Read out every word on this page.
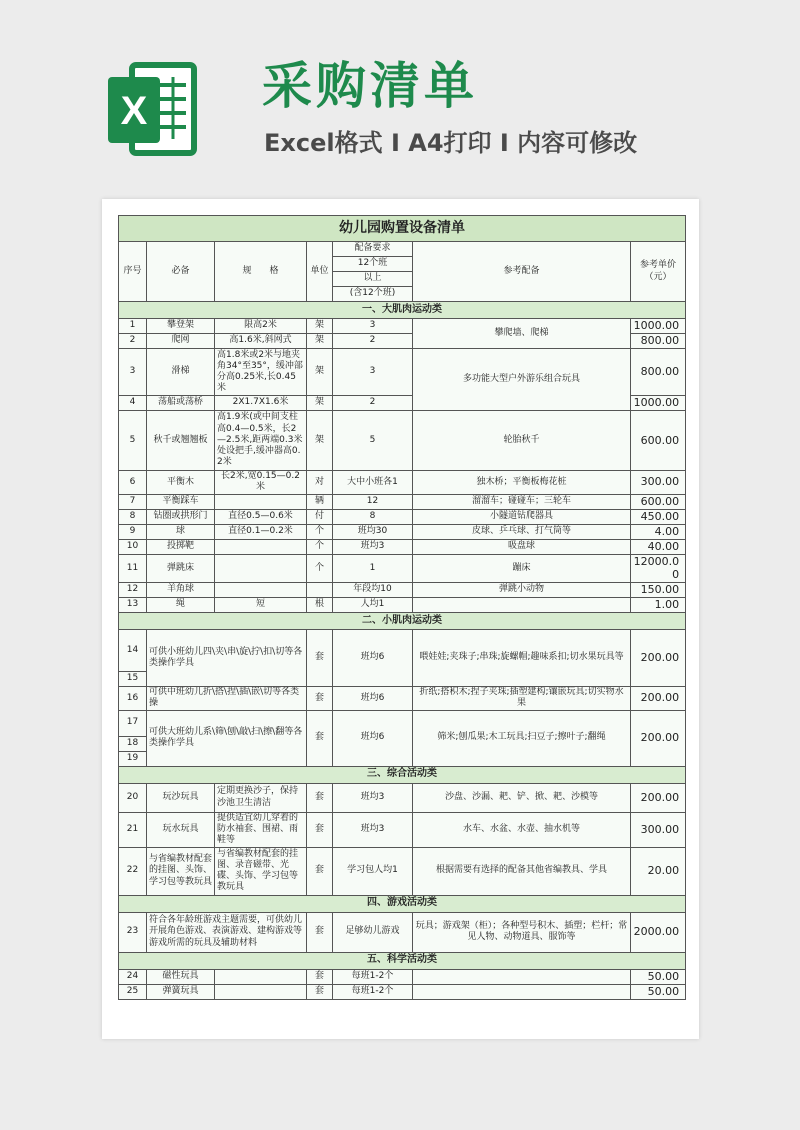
X 采购清单
Excel格式 I A4打印 I 内容可修改
幼儿园购置设备清单						
序号	必备	规　　格	单位	配备要求	参考配备	参考单价（元）
				12个班		
				以上		
				(含12个班)		
一、大肌肉运动类						
1	攀登架	限高2米	架	3	攀爬墙、爬梯	1000.00
2	爬网	高1.6米,斜网式	架	2		800.00
3	滑梯	高1.8米或2米与地夹角34°至35°，缓冲部分高0.25米,长0.45米	架	3	多功能大型户外游乐组合玩具	800.00
4	荡船或荡桥	2X1.7X1.6米	架	2		1000.00
5	秋千或翘翘板	高1.9米(或中间支柱高0.4—0.5米，长2—2.5米,距两端0.3米处设把手,缓冲器高0.2米	架	5	轮胎秋千	600.00
6	平衡木	长2米,宽0.15—0.2米	对	大中小班各1	独木桥；平衡板梅花桩	300.00
7	平衡踩车		辆	12	溜溜车；碰碰车；三轮车	600.00
8	钻圈或拱形门	直径0.5—0.6米	付	8	小隧道钻爬器具	450.00
9	球	直径0.1—0.2米	个	班均30	皮球、乒乓球、打气筒等	4.00
10	投掷靶		个	班均3	吸盘球	40.00
11	弹跳床		个	1	蹦床	12000.00
12	羊角球			年段均10	弹跳小动物	150.00
13	绳	短	根	人均1		1.00
二、小肌肉运动类						
14	可供小班幼儿四\夹\串\旋\拧\扣\切等各类操作学具		套	班均6	喂娃娃;夹珠子;串珠;旋螺帽;趣味系扣;切水果玩具等	200.00
15						
16	可供中班幼儿折\搭\捏\插\嵌\切等各类操		套	班均6	折纸;搭积木;捏子夹珠;插塑建构;镶嵌玩具;切实物水果	200.00
17	可供大班幼儿系\筛\刨\敲\扫\擦\翻等各类操作学具		套	班均6	筛米;刨瓜果;木工玩具;扫豆子;擦叶子;翻绳	200.00
18						
19						
三、综合活动类						
20	玩沙玩具	定期更换沙子，保持沙池卫生清洁	套	班均3	沙盘、沙漏、耙、铲、掀、耙、沙模等	200.00
21	玩水玩具	提供适宜幼儿穿着的防水袖套、围裙、雨鞋等	套	班均3	水车、水盆、水壶、抽水机等	300.00
22	与省编教材配套的挂图、头饰、学习包等教玩具	与省编教材配套的挂图、录音磁带、光碟、头饰、学习包等教玩具	套	学习包人均1	根据需要有选择的配备其他省编教具、学具	20.00
四、游戏活动类						
23	符合各年龄班游戏主题需要，可供幼儿开展角色游戏、表演游戏、建构游戏等游戏所需的玩具及辅助材料		套	足够幼儿游戏	玩具；游戏架（柜）；各种型号积木、插塑；栏杆；常见人物、动物道具、服饰等	2000.00
五、科学活动类						
24	磁性玩具		套	每班1-2个		50.00
25	弹簧玩具		套	每班1-2个		50.00
